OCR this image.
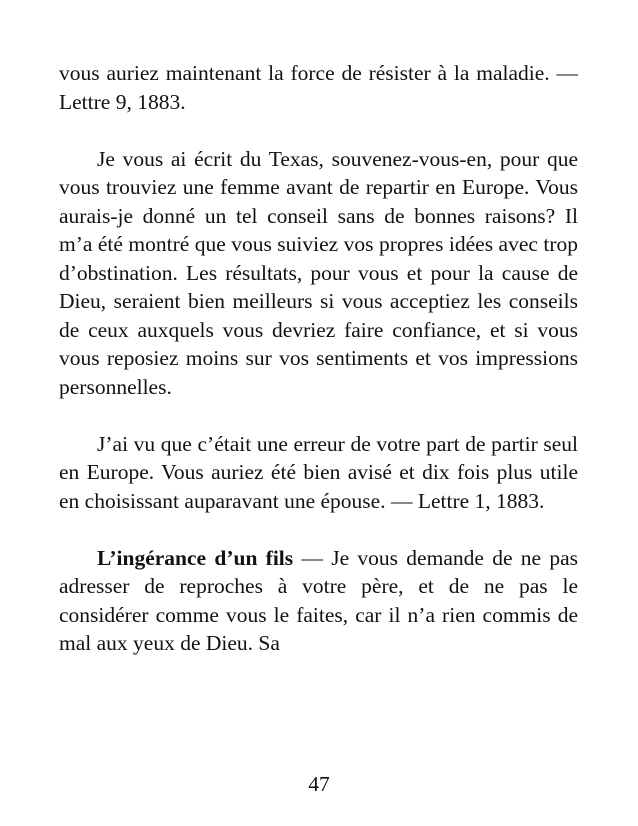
vous auriez maintenant la force de résister à la maladie. — Lettre 9, 1883.

Je vous ai écrit du Texas, souvenez-vous-en, pour que vous trouviez une femme avant de repartir en Europe. Vous aurais-je donné un tel conseil sans de bonnes raisons? Il m’a été montré que vous suiviez vos propres idées avec trop d’obstination. Les résultats, pour vous et pour la cause de Dieu, seraient bien meilleurs si vous acceptiez les conseils de ceux auxquels vous devriez faire confiance, et si vous vous reposiez moins sur vos sentiments et vos impressions personnelles.

J’ai vu que c’était une erreur de votre part de partir seul en Europe. Vous auriez été bien avisé et dix fois plus utile en choisissant auparavant une épouse. — Lettre 1, 1883.

L’ingérance d’un fils — Je vous demande de ne pas adresser de reproches à votre père, et de ne pas le considérer comme vous le faites, car il n’a rien commis de mal aux yeux de Dieu. Sa

47
